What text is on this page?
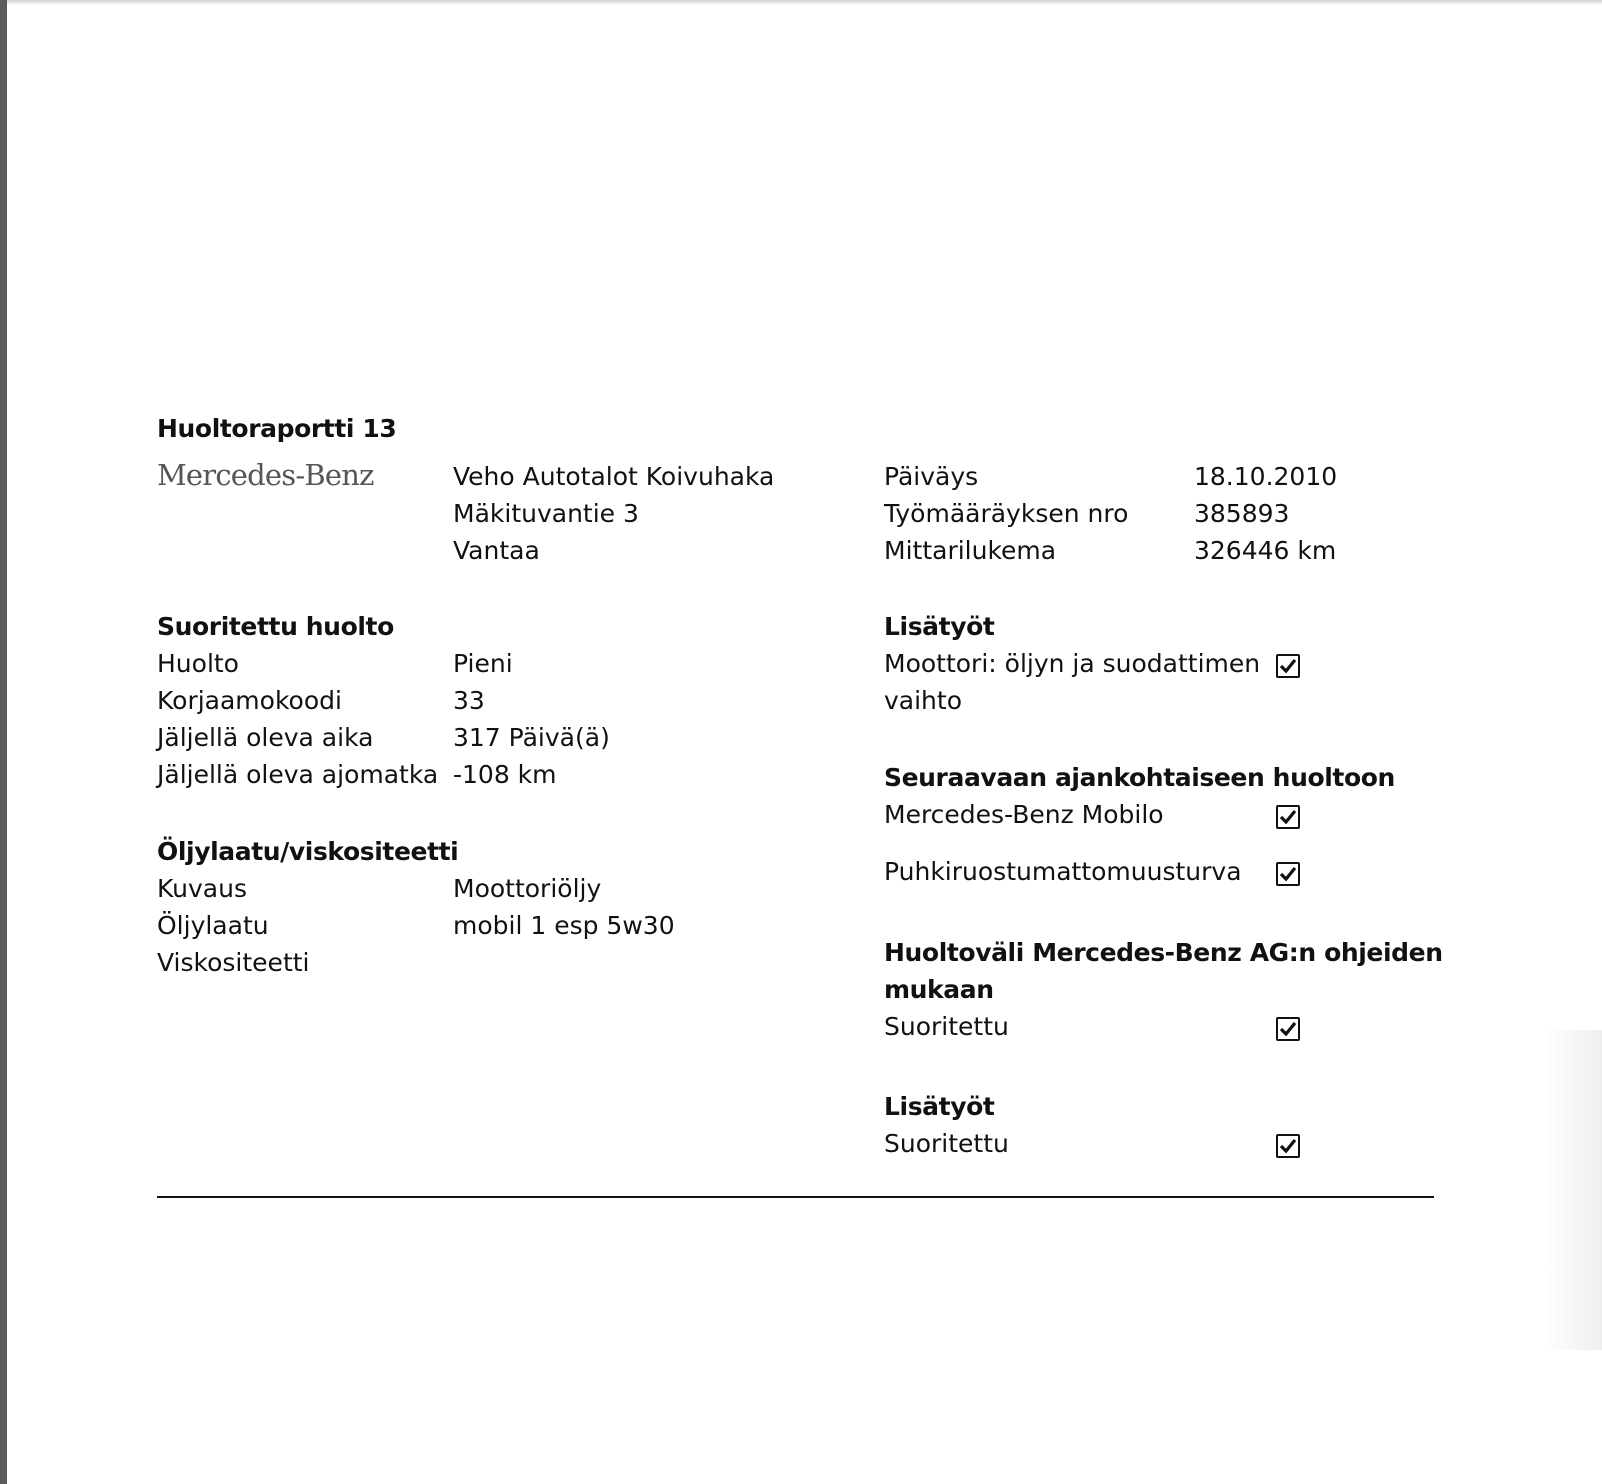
Huoltoraportti 13
Mercedes-Benz	Veho Autotalot Koivuhaka
Mäkituvantie 3
Vantaa
Päiväys	18.10.2010
Työmääräyksen nro	385893
Mittarilukema	326446 km
Suoritettu huolto
Huolto	Pieni
Korjaamokoodi	33
Jäljellä oleva aika	317 Päivä(ä)
Jäljellä oleva ajomatka -108 km
Öljylaatu/viskositeetti
Kuvaus	Moottoriöljy
Öljylaatu	mobil 1 esp 5w30
Viskositeetti
Lisätyöt
Moottori: öljyn ja suodattimen
vaihto
Seuraavaan ajankohtaiseen huoltoon
Mercedes-Benz Mobilo
Puhkiruostumattomuusturva
Huoltoväli Mercedes-Benz AG:n ohjeiden
mukaan
Suoritettu
Lisätyöt
Suoritettu
